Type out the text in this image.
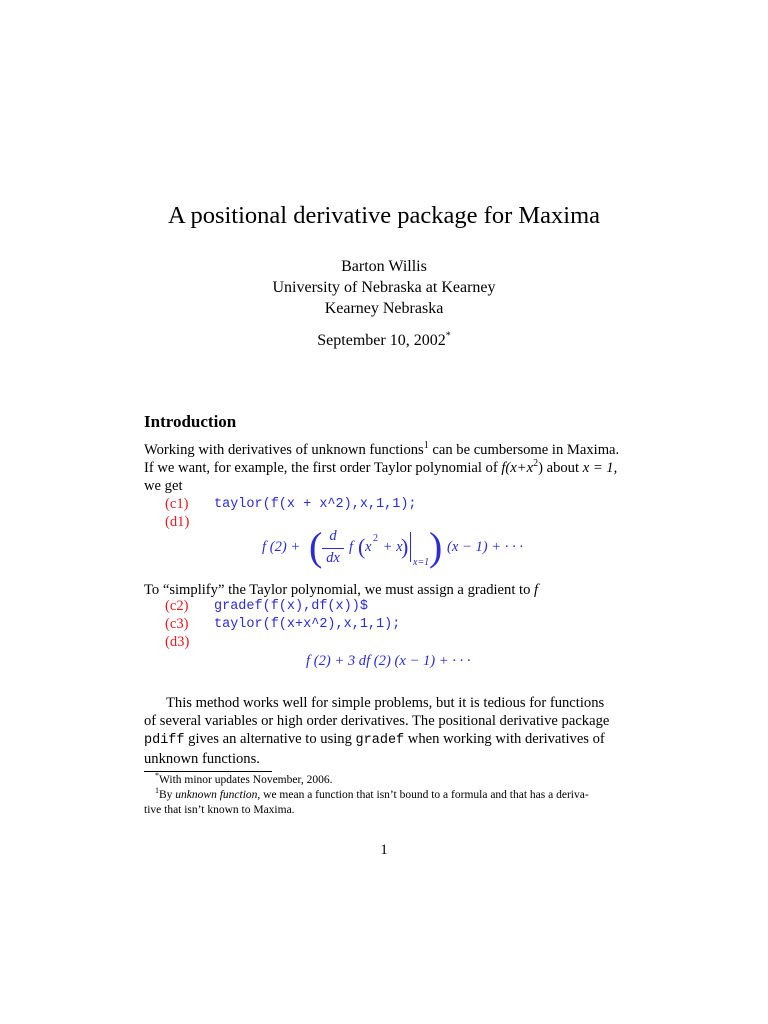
A positional derivative package for Maxima
Barton Willis
University of Nebraska at Kearney
Kearney Nebraska
September 10, 2002*
Introduction
Working with derivatives of unknown functions$^1$ can be cumbersome in Maxima.
If we want, for example, the first order Taylor polynomial of $f(x+x^2)$ about x = 1,
we get
(c1) taylor(f(x + x^2),x,1,1);
(d1)
f (2) + ( d
dx
f ( x
2
+ x
)
x=1 ) (x − 1) + · · ·
To “simplify” the Taylor polynomial, we must assign a gradient to f
(c2) gradef(f(x),df(x))$
(c3) taylor(f(x+x^2),x,1,1);
(d3)
f (2) + 3 df (2) (x − 1) + · · ·
This method works well for simple problems, but it is tedious for functions
of several variables or high order derivatives. The positional derivative package
pdiff gives an alternative to using gradef when working with derivatives of
unknown functions.
*With minor updates November, 2006.
$^1$By unknown function, we mean a function that isn’t bound to a formula and that has a deriva-
tive that isn’t known to Maxima.
1
